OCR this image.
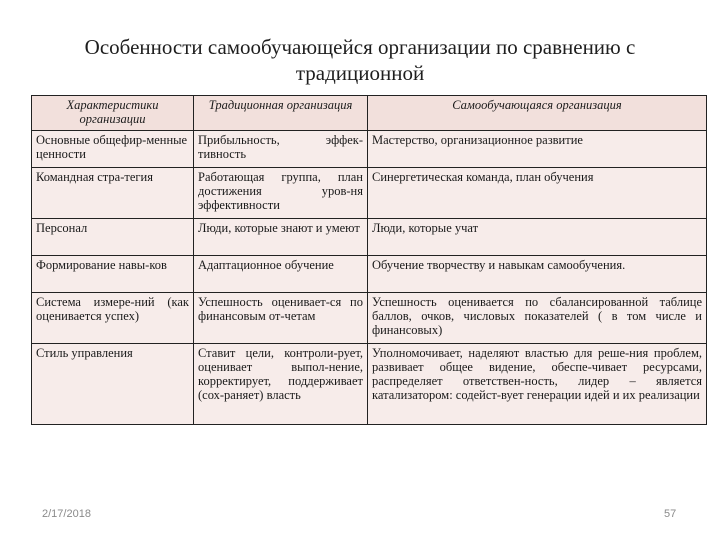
Особенности самообучающейся организации по сравнению с традиционной
Характеристики организации	Традиционная организация	Самообучающаяся организация
Основные общефир-менные ценности	Прибыльность, эффек-тивность	Мастерство, организационное развитие
Командная стра-тегия	Работающая группа, план достижения уров-ня эффективности	Синергетическая команда, план обучения
Персонал	Люди, которые знают и умеют	Люди, которые учат
Формирование навы-ков	Адаптационное обучение	Обучение творчеству и навыкам самообучения.
Система измере-ний (как оценивается успех)	Успешность оценивает-ся по финансовым от-четам	Успешность оценивается по сбалансированной таблице баллов, очков, числовых показателей ( в том числе и финансовых)
Стиль управления	Ставит цели, контроли-рует, оценивает выпол-нение, корректирует, поддерживает (сох-раняет) власть	Уполномочивает, наделяют властью для реше-ния проблем, развивает общее видение, обеспе-чивает ресурсами, распределяет ответствен-ность, лидер – является катализатором: содейст-вует генерации идей и их реализации
2/17/2018	57
